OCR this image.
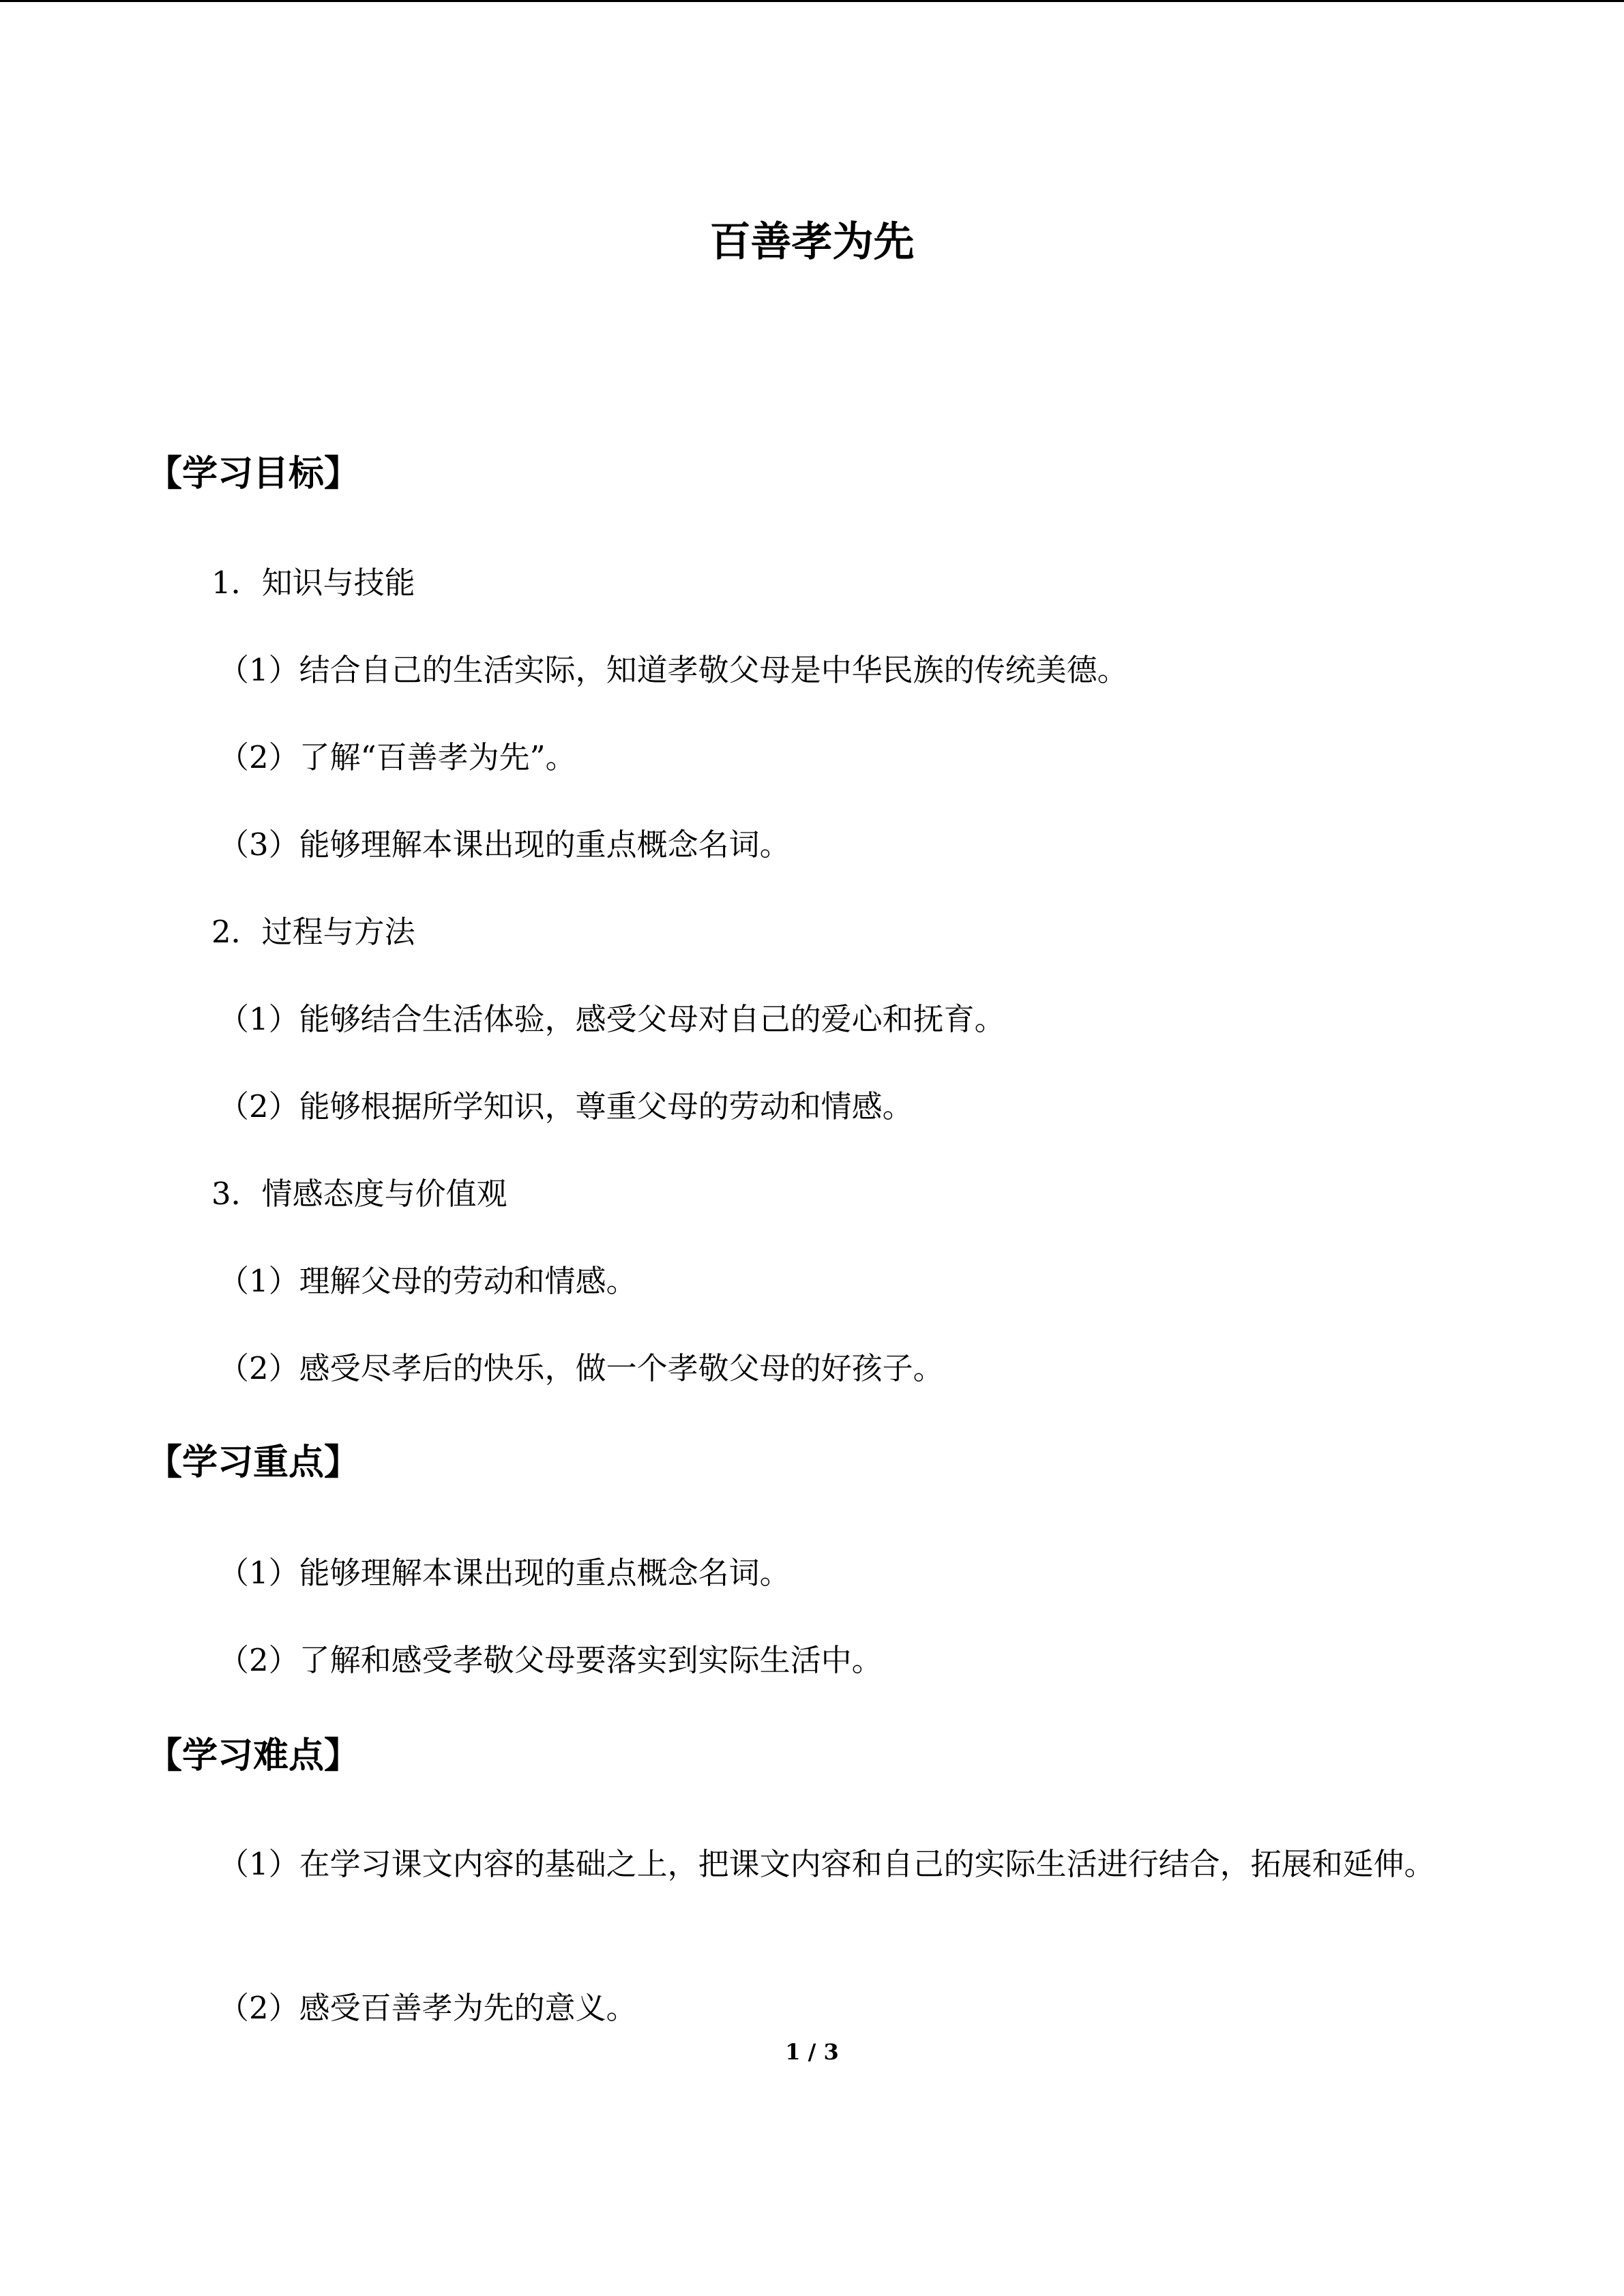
百善孝为先
【学习目标】
1．知识与技能
（1）结合自己的生活实际，知道孝敬父母是中华民族的传统美德。
（2）了解“百善孝为先”。
（3）能够理解本课出现的重点概念名词。
2．过程与方法
（1）能够结合生活体验，感受父母对自己的爱心和抚育。
（2）能够根据所学知识，尊重父母的劳动和情感。
3．情感态度与价值观
（1）理解父母的劳动和情感。
（2）感受尽孝后的快乐，做一个孝敬父母的好孩子。
【学习重点】
（1）能够理解本课出现的重点概念名词。
（2）了解和感受孝敬父母要落实到实际生活中。
【学习难点】
（1）在学习课文内容的基础之上，把课文内容和自己的实际生活进行结合，拓展和延伸。
（2）感受百善孝为先的意义。
1 / 3
